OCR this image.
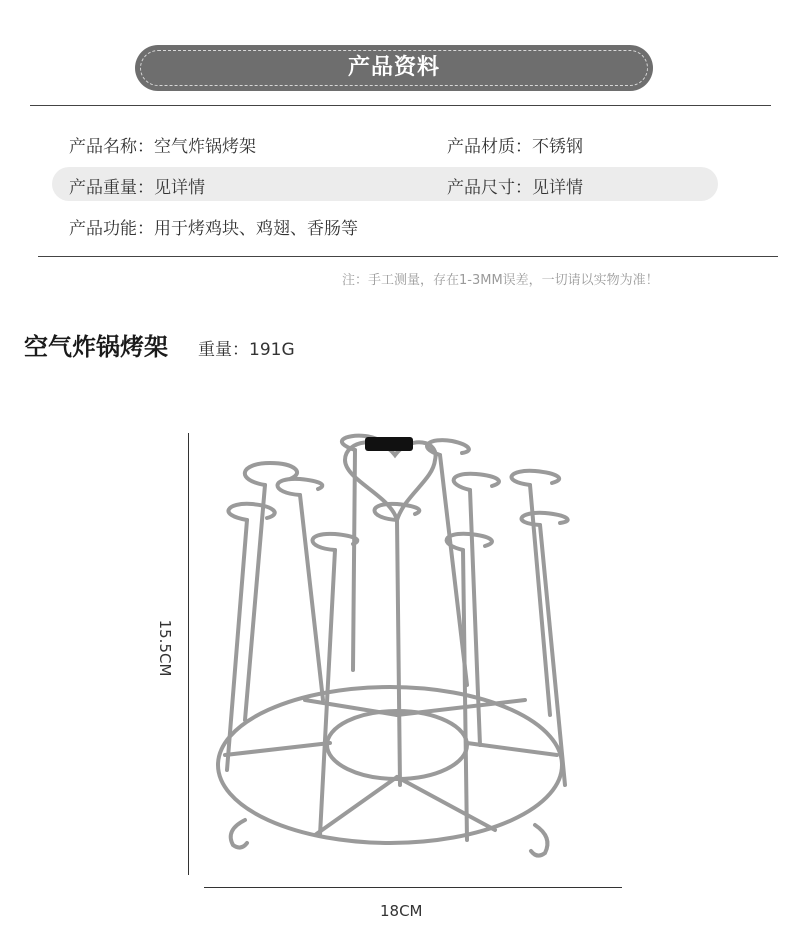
产品资料
产品名称：空气炸锅烤架	产品材质：不锈钢
产品重量：见详情	产品尺寸：见详情
产品功能：用于烤鸡块、鸡翅、香肠等
注：手工测量，存在1-3MM误差，一切请以实物为准！
空气炸锅烤架 重量：191G
15.5CM
18CM
